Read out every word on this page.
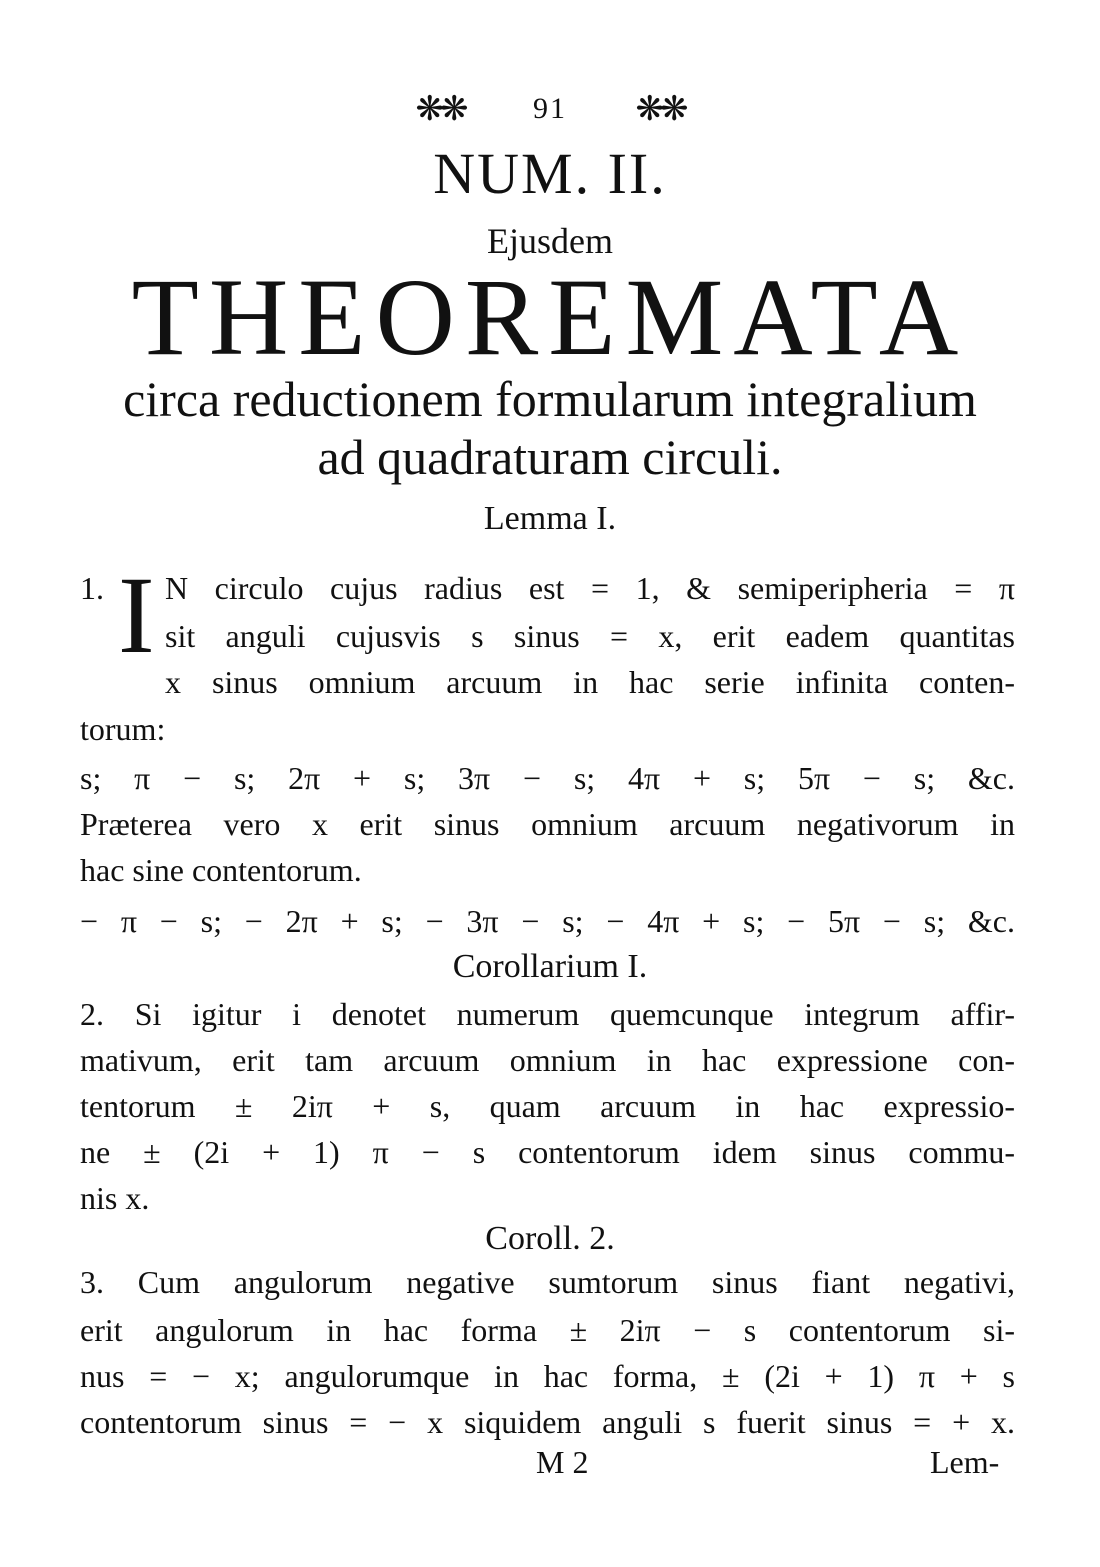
❋❋ 91 ❋❋
NUM. II.
Ejusdem
THEOREMATA
circa reductionem formularum integralium
ad quadraturam circuli.
Lemma I.
1. I N circulo cujus radius est = 1, & semiperipheria = π
sit anguli cujusvis s sinus = x, erit eadem quantitas
x sinus omnium arcuum in hac serie infinita conten-
torum:
s; π − s; 2π + s; 3π − s; 4π + s; 5π − s; &c.
Præterea vero x erit sinus omnium arcuum negativorum in
hac sine contentorum.
− π − s; − 2π + s; − 3π − s; − 4π + s; − 5π − s; &c.
Corollarium I.
2. Si igitur i denotet numerum quemcunque integrum affir-
mativum, erit tam arcuum omnium in hac expressione con-
tentorum ± 2iπ + s, quam arcuum in hac expressio-
ne ± (2i + 1) π − s contentorum idem sinus commu-
nis x.
Coroll. 2.
3. Cum angulorum negative sumtorum sinus fiant negativi,
erit angulorum in hac forma ± 2iπ − s contentorum si-
nus = − x; angulorumque in hac forma, ± (2i + 1) π + s
contentorum sinus = − x siquidem anguli s fuerit sinus = + x.
M 2	Lem-
